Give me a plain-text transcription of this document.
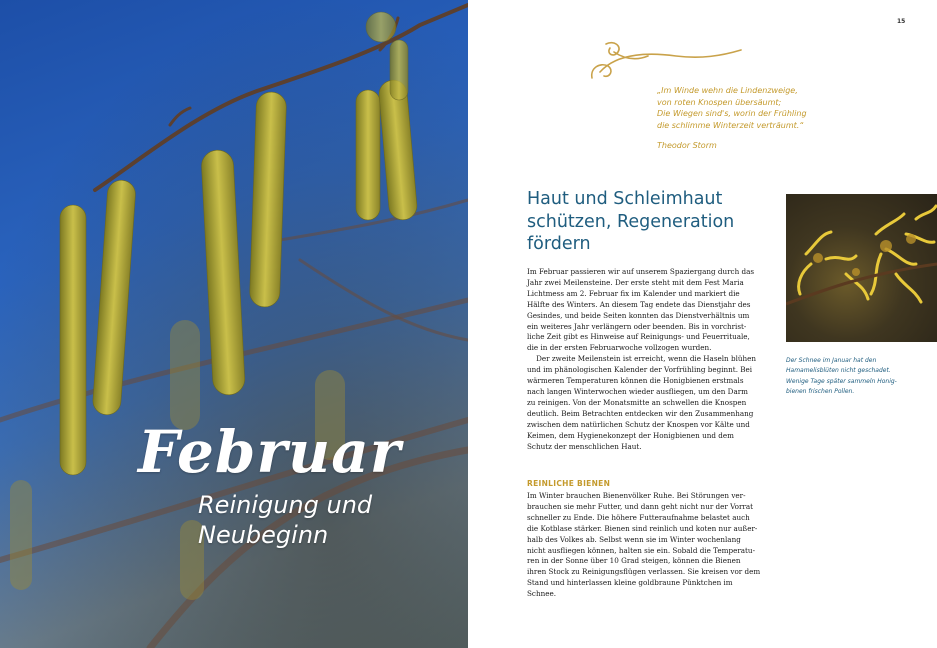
Februar
Reinigung und
Neubeginn
15
„Im Winde wehn die Lindenzweige,
von roten Knospen übersäumt;
Die Wiegen sind's, worin der Frühling
die schlimme Winterzeit verträumt.“
Theodor Storm
Haut und Schleimhaut
schützen, Regeneration
fördern
Im Februar passieren wir auf unserem Spaziergang durch das
Jahr zwei Meilensteine. Der erste steht mit dem Fest Maria
Lichtmess am 2. Februar fix im Kalender und markiert die
Hälfte des Winters. An diesem Tag endete das Dienstjahr des
Gesindes, und beide Seiten konnten das Dienstverhältnis um
ein weiteres Jahr verlängern oder beenden. Bis in vorchrist-
liche Zeit gibt es Hinweise auf Reinigungs- und Feuerrituale,
die in der ersten Februarwoche vollzogen wurden.
Der zweite Meilenstein ist erreicht, wenn die Haseln blühen
und im phänologischen Kalender der Vorfrühling beginnt. Bei
wärmeren Temperaturen können die Honigbienen erstmals
nach langen Winterwochen wieder ausfliegen, um den Darm
zu reinigen. Von der Monatsmitte an schwellen die Knospen
deutlich. Beim Betrachten entdecken wir den Zusammenhang
zwischen dem natürlichen Schutz der Knospen vor Kälte und
Keimen, dem Hygienekonzept der Honigbienen und dem
Schutz der menschlichen Haut.
REINLICHE BIENEN
Im Winter brauchen Bienenvölker Ruhe. Bei Störungen ver-
brauchen sie mehr Futter, und dann geht nicht nur der Vorrat
schneller zu Ende. Die höhere Futteraufnahme belastet auch
die Kotblase stärker. Bienen sind reinlich und koten nur außer-
halb des Volkes ab. Selbst wenn sie im Winter wochenlang
nicht ausfliegen können, halten sie ein. Sobald die Temperatu-
ren in der Sonne über 10 Grad steigen, können die Bienen
ihren Stock zu Reinigungsflügen verlassen. Sie kreisen vor dem
Stand und hinterlassen kleine goldbraune Pünktchen im
Schnee.
Der Schnee im Januar hat den
Hamamelisblüten nicht geschadet.
Wenige Tage später sammeln Honig-
bienen frischen Pollen.
